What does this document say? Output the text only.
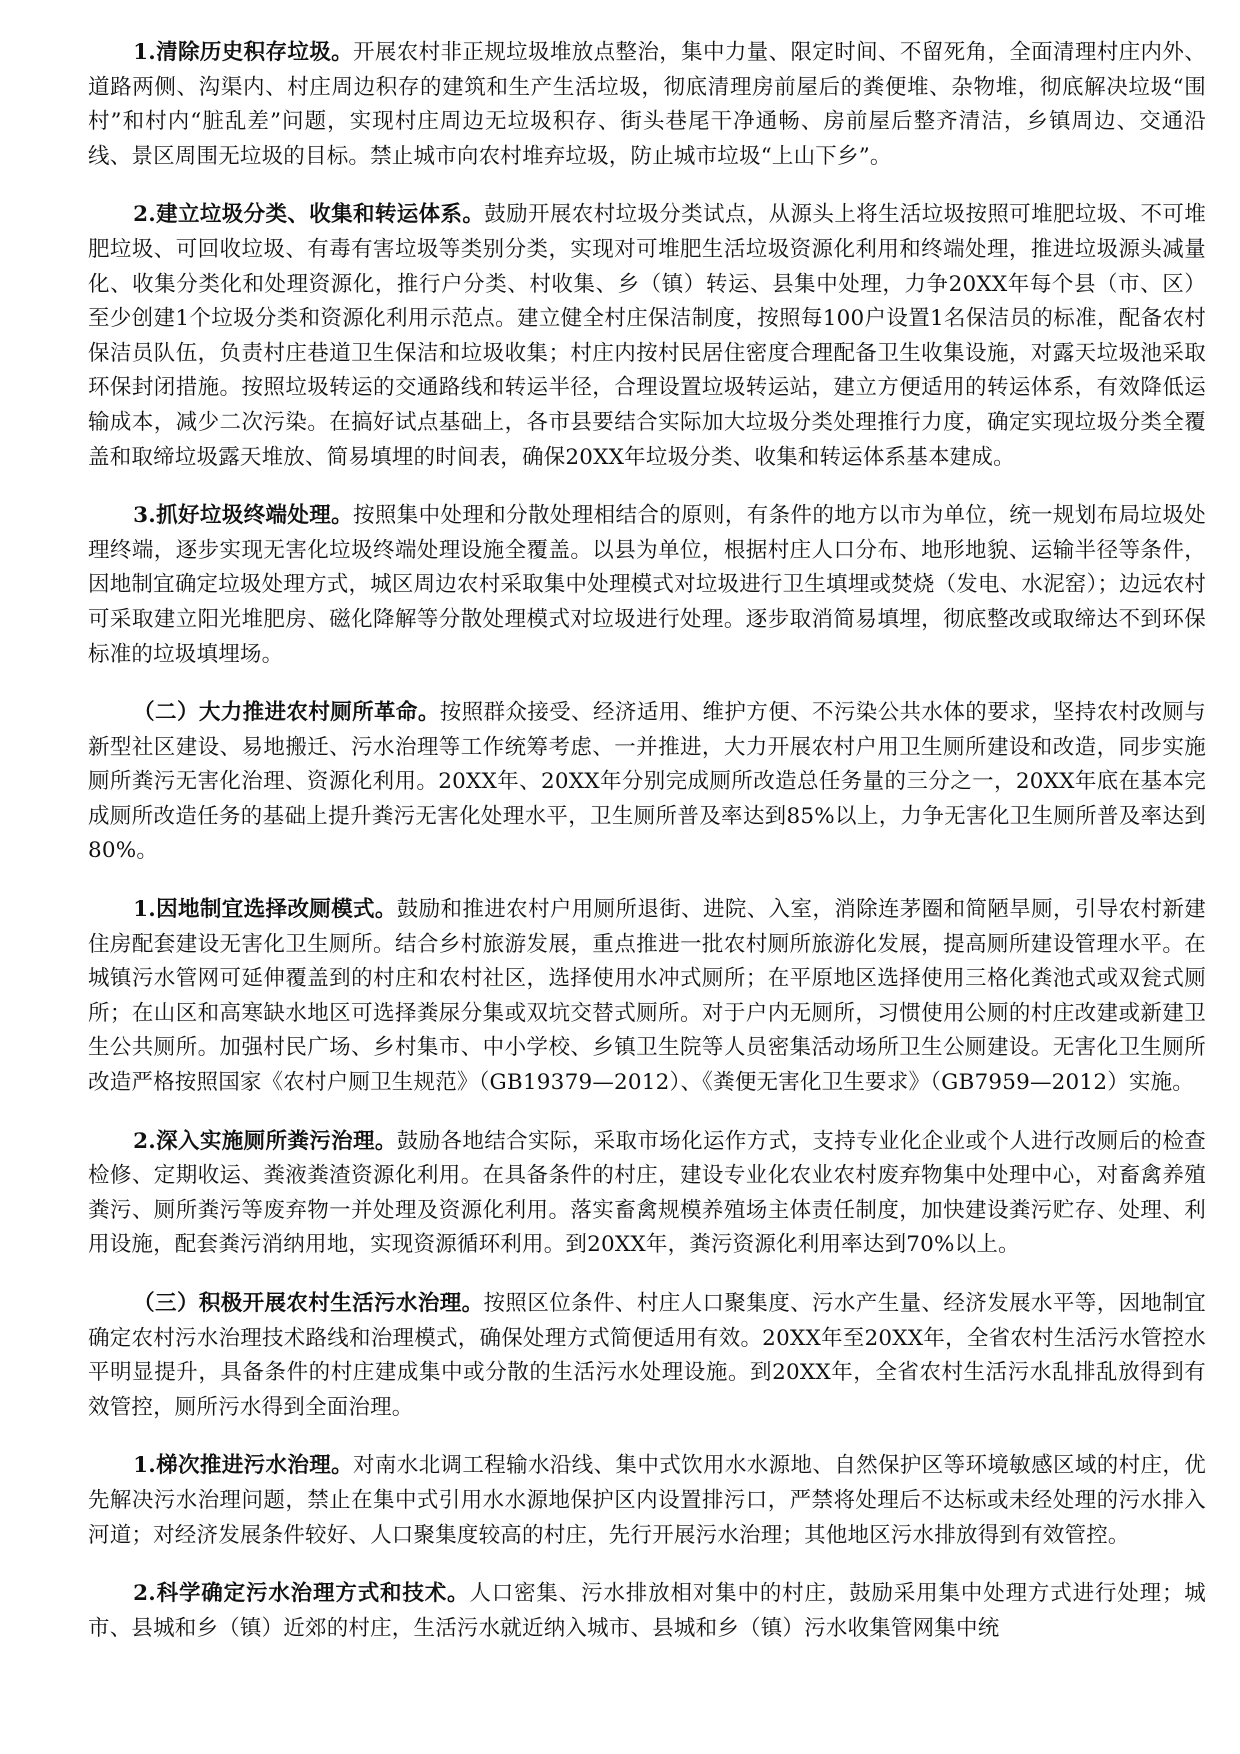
1.清除历史积存垃圾。开展农村非正规垃圾堆放点整治，集中力量、限定时间、不留死角，全面清理村庄内外、道路两侧、沟渠内、村庄周边积存的建筑和生产生活垃圾，彻底清理房前屋后的粪便堆、杂物堆，彻底解决垃圾“围村”和村内“脏乱差”问题，实现村庄周边无垃圾积存、街头巷尾干净通畅、房前屋后整齐清洁，乡镇周边、交通沿线、景区周围无垃圾的目标。禁止城市向农村堆弃垃圾，防止城市垃圾“上山下乡”。

2.建立垃圾分类、收集和转运体系。鼓励开展农村垃圾分类试点，从源头上将生活垃圾按照可堆肥垃圾、不可堆肥垃圾、可回收垃圾、有毒有害垃圾等类别分类，实现对可堆肥生活垃圾资源化利用和终端处理，推进垃圾源头减量化、收集分类化和处理资源化，推行户分类、村收集、乡（镇）转运、县集中处理，力争20XX年每个县（市、区）至少创建1个垃圾分类和资源化利用示范点。建立健全村庄保洁制度，按照每100户设置1名保洁员的标准，配备农村保洁员队伍，负责村庄巷道卫生保洁和垃圾收集；村庄内按村民居住密度合理配备卫生收集设施，对露天垃圾池采取环保封闭措施。按照垃圾转运的交通路线和转运半径，合理设置垃圾转运站，建立方便适用的转运体系，有效降低运输成本，减少二次污染。在搞好试点基础上，各市县要结合实际加大垃圾分类处理推行力度，确定实现垃圾分类全覆盖和取缔垃圾露天堆放、简易填埋的时间表，确保20XX年垃圾分类、收集和转运体系基本建成。

3.抓好垃圾终端处理。按照集中处理和分散处理相结合的原则，有条件的地方以市为单位，统一规划布局垃圾处理终端，逐步实现无害化垃圾终端处理设施全覆盖。以县为单位，根据村庄人口分布、地形地貌、运输半径等条件，因地制宜确定垃圾处理方式，城区周边农村采取集中处理模式对垃圾进行卫生填埋或焚烧（发电、水泥窑）；边远农村可采取建立阳光堆肥房、磁化降解等分散处理模式对垃圾进行处理。逐步取消简易填埋，彻底整改或取缔达不到环保标准的垃圾填埋场。

（二）大力推进农村厕所革命。按照群众接受、经济适用、维护方便、不污染公共水体的要求，坚持农村改厕与新型社区建设、易地搬迁、污水治理等工作统筹考虑、一并推进，大力开展农村户用卫生厕所建设和改造，同步实施厕所粪污无害化治理、资源化利用。20XX年、20XX年分别完成厕所改造总任务量的三分之一，20XX年底在基本完成厕所改造任务的基础上提升粪污无害化处理水平，卫生厕所普及率达到85%以上，力争无害化卫生厕所普及率达到80%。

1.因地制宜选择改厕模式。鼓励和推进农村户用厕所退街、进院、入室，消除连茅圈和简陋旱厕，引导农村新建住房配套建设无害化卫生厕所。结合乡村旅游发展，重点推进一批农村厕所旅游化发展，提高厕所建设管理水平。在城镇污水管网可延伸覆盖到的村庄和农村社区，选择使用水冲式厕所；在平原地区选择使用三格化粪池式或双瓮式厕所；在山区和高寒缺水地区可选择粪尿分集或双坑交替式厕所。对于户内无厕所，习惯使用公厕的村庄改建或新建卫生公共厕所。加强村民广场、乡村集市、中小学校、乡镇卫生院等人员密集活动场所卫生公厕建设。无害化卫生厕所改造严格按照国家《农村户厕卫生规范》（GB19379—2012）、《粪便无害化卫生要求》（GB7959—2012）实施。

2.深入实施厕所粪污治理。鼓励各地结合实际，采取市场化运作方式，支持专业化企业或个人进行改厕后的检查检修、定期收运、粪液粪渣资源化利用。在具备条件的村庄，建设专业化农业农村废弃物集中处理中心，对畜禽养殖粪污、厕所粪污等废弃物一并处理及资源化利用。落实畜禽规模养殖场主体责任制度，加快建设粪污贮存、处理、利用设施，配套粪污消纳用地，实现资源循环利用。到20XX年，粪污资源化利用率达到70%以上。

（三）积极开展农村生活污水治理。按照区位条件、村庄人口聚集度、污水产生量、经济发展水平等，因地制宜确定农村污水治理技术路线和治理模式，确保处理方式简便适用有效。20XX年至20XX年，全省农村生活污水管控水平明显提升，具备条件的村庄建成集中或分散的生活污水处理设施。到20XX年，全省农村生活污水乱排乱放得到有效管控，厕所污水得到全面治理。

1.梯次推进污水治理。对南水北调工程输水沿线、集中式饮用水水源地、自然保护区等环境敏感区域的村庄，优先解决污水治理问题，禁止在集中式引用水水源地保护区内设置排污口，严禁将处理后不达标或未经处理的污水排入河道；对经济发展条件较好、人口聚集度较高的村庄，先行开展污水治理；其他地区污水排放得到有效管控。

2.科学确定污水治理方式和技术。人口密集、污水排放相对集中的村庄，鼓励采用集中处理方式进行处理；城市、县城和乡（镇）近郊的村庄，生活污水就近纳入城市、县城和乡（镇）污水收集管网集中统
